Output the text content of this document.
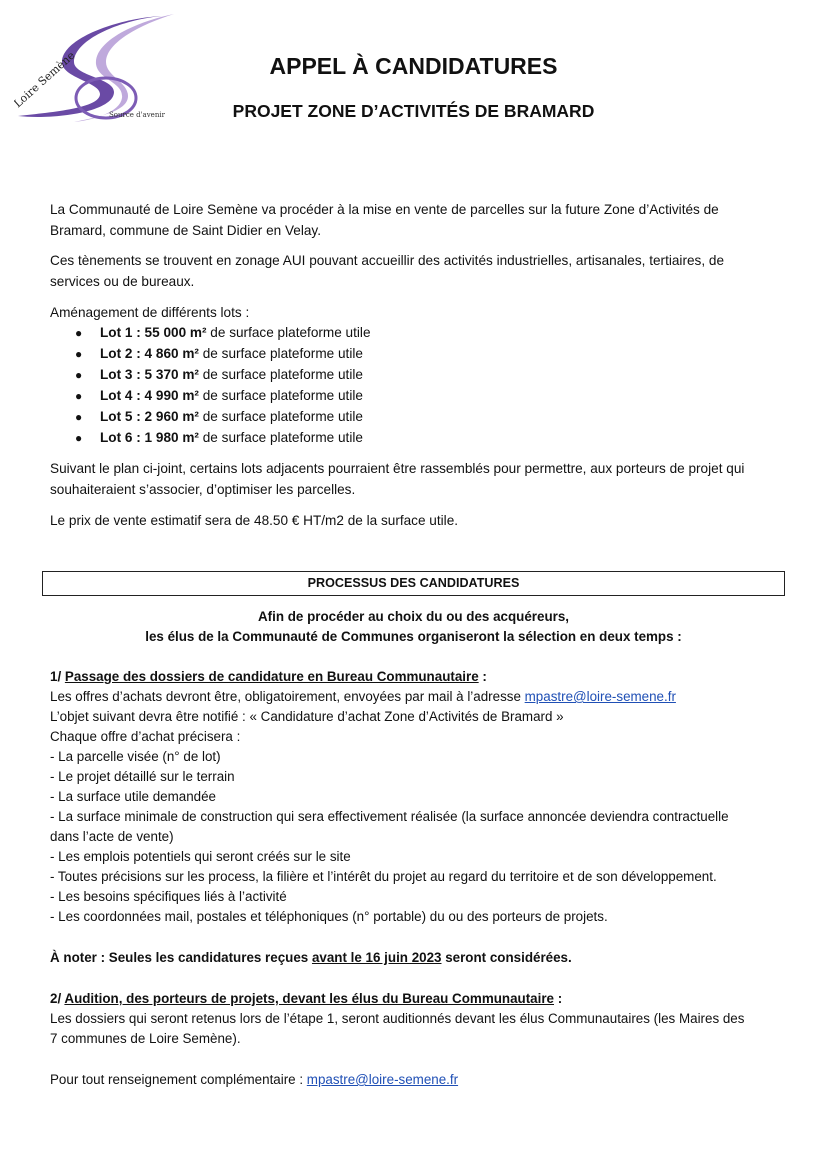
Loire Semène
Source d'avenir
APPEL À CANDIDATURES
PROJET ZONE D’ACTIVITÉS DE BRAMARD
La Communauté de Loire Semène va procéder à la mise en vente de parcelles sur la future Zone d’Activités de Bramard, commune de Saint Didier en Velay.
Ces tènements se trouvent en zonage AUI pouvant accueillir des activités industrielles, artisanales, tertiaires, de services ou de bureaux.
Aménagement de différents lots :
● Lot 1 : 55 000 m² de surface plateforme utile
● Lot 2 : 4 860 m² de surface plateforme utile
● Lot 3 : 5 370 m² de surface plateforme utile
● Lot 4 : 4 990 m² de surface plateforme utile
● Lot 5 : 2 960 m² de surface plateforme utile
● Lot 6 : 1 980 m² de surface plateforme utile
Suivant le plan ci-joint, certains lots adjacents pourraient être rassemblés pour permettre, aux porteurs de projet qui souhaiteraient s’associer, d’optimiser les parcelles.
Le prix de vente estimatif sera de 48.50 € HT/m2 de la surface utile.
PROCESSUS DES CANDIDATURES
Afin de procéder au choix du ou des acquéreurs,
les élus de la Communauté de Communes organiseront la sélection en deux temps :
1/ Passage des dossiers de candidature en Bureau Communautaire :
Les offres d’achats devront être, obligatoirement, envoyées par mail à l’adresse mpastre@loire-semene.fr
L’objet suivant devra être notifié : « Candidature d’achat Zone d’Activités de Bramard »
Chaque offre d’achat précisera :
- La parcelle visée (n° de lot)
- Le projet détaillé sur le terrain
- La surface utile demandée
- La surface minimale de construction qui sera effectivement réalisée (la surface annoncée deviendra contractuelle
dans l’acte de vente)
- Les emplois potentiels qui seront créés sur le site
- Toutes précisions sur les process, la filière et l’intérêt du projet au regard du territoire et de son développement.
- Les besoins spécifiques liés à l’activité
- Les coordonnées mail, postales et téléphoniques (n° portable) du ou des porteurs de projets.
À noter : Seules les candidatures reçues avant le 16 juin 2023 seront considérées.
2/ Audition, des porteurs de projets, devant les élus du Bureau Communautaire :
Les dossiers qui seront retenus lors de l’étape 1, seront auditionnés devant les élus Communautaires (les Maires des
7 communes de Loire Semène).
Pour tout renseignement complémentaire : mpastre@loire-semene.fr
